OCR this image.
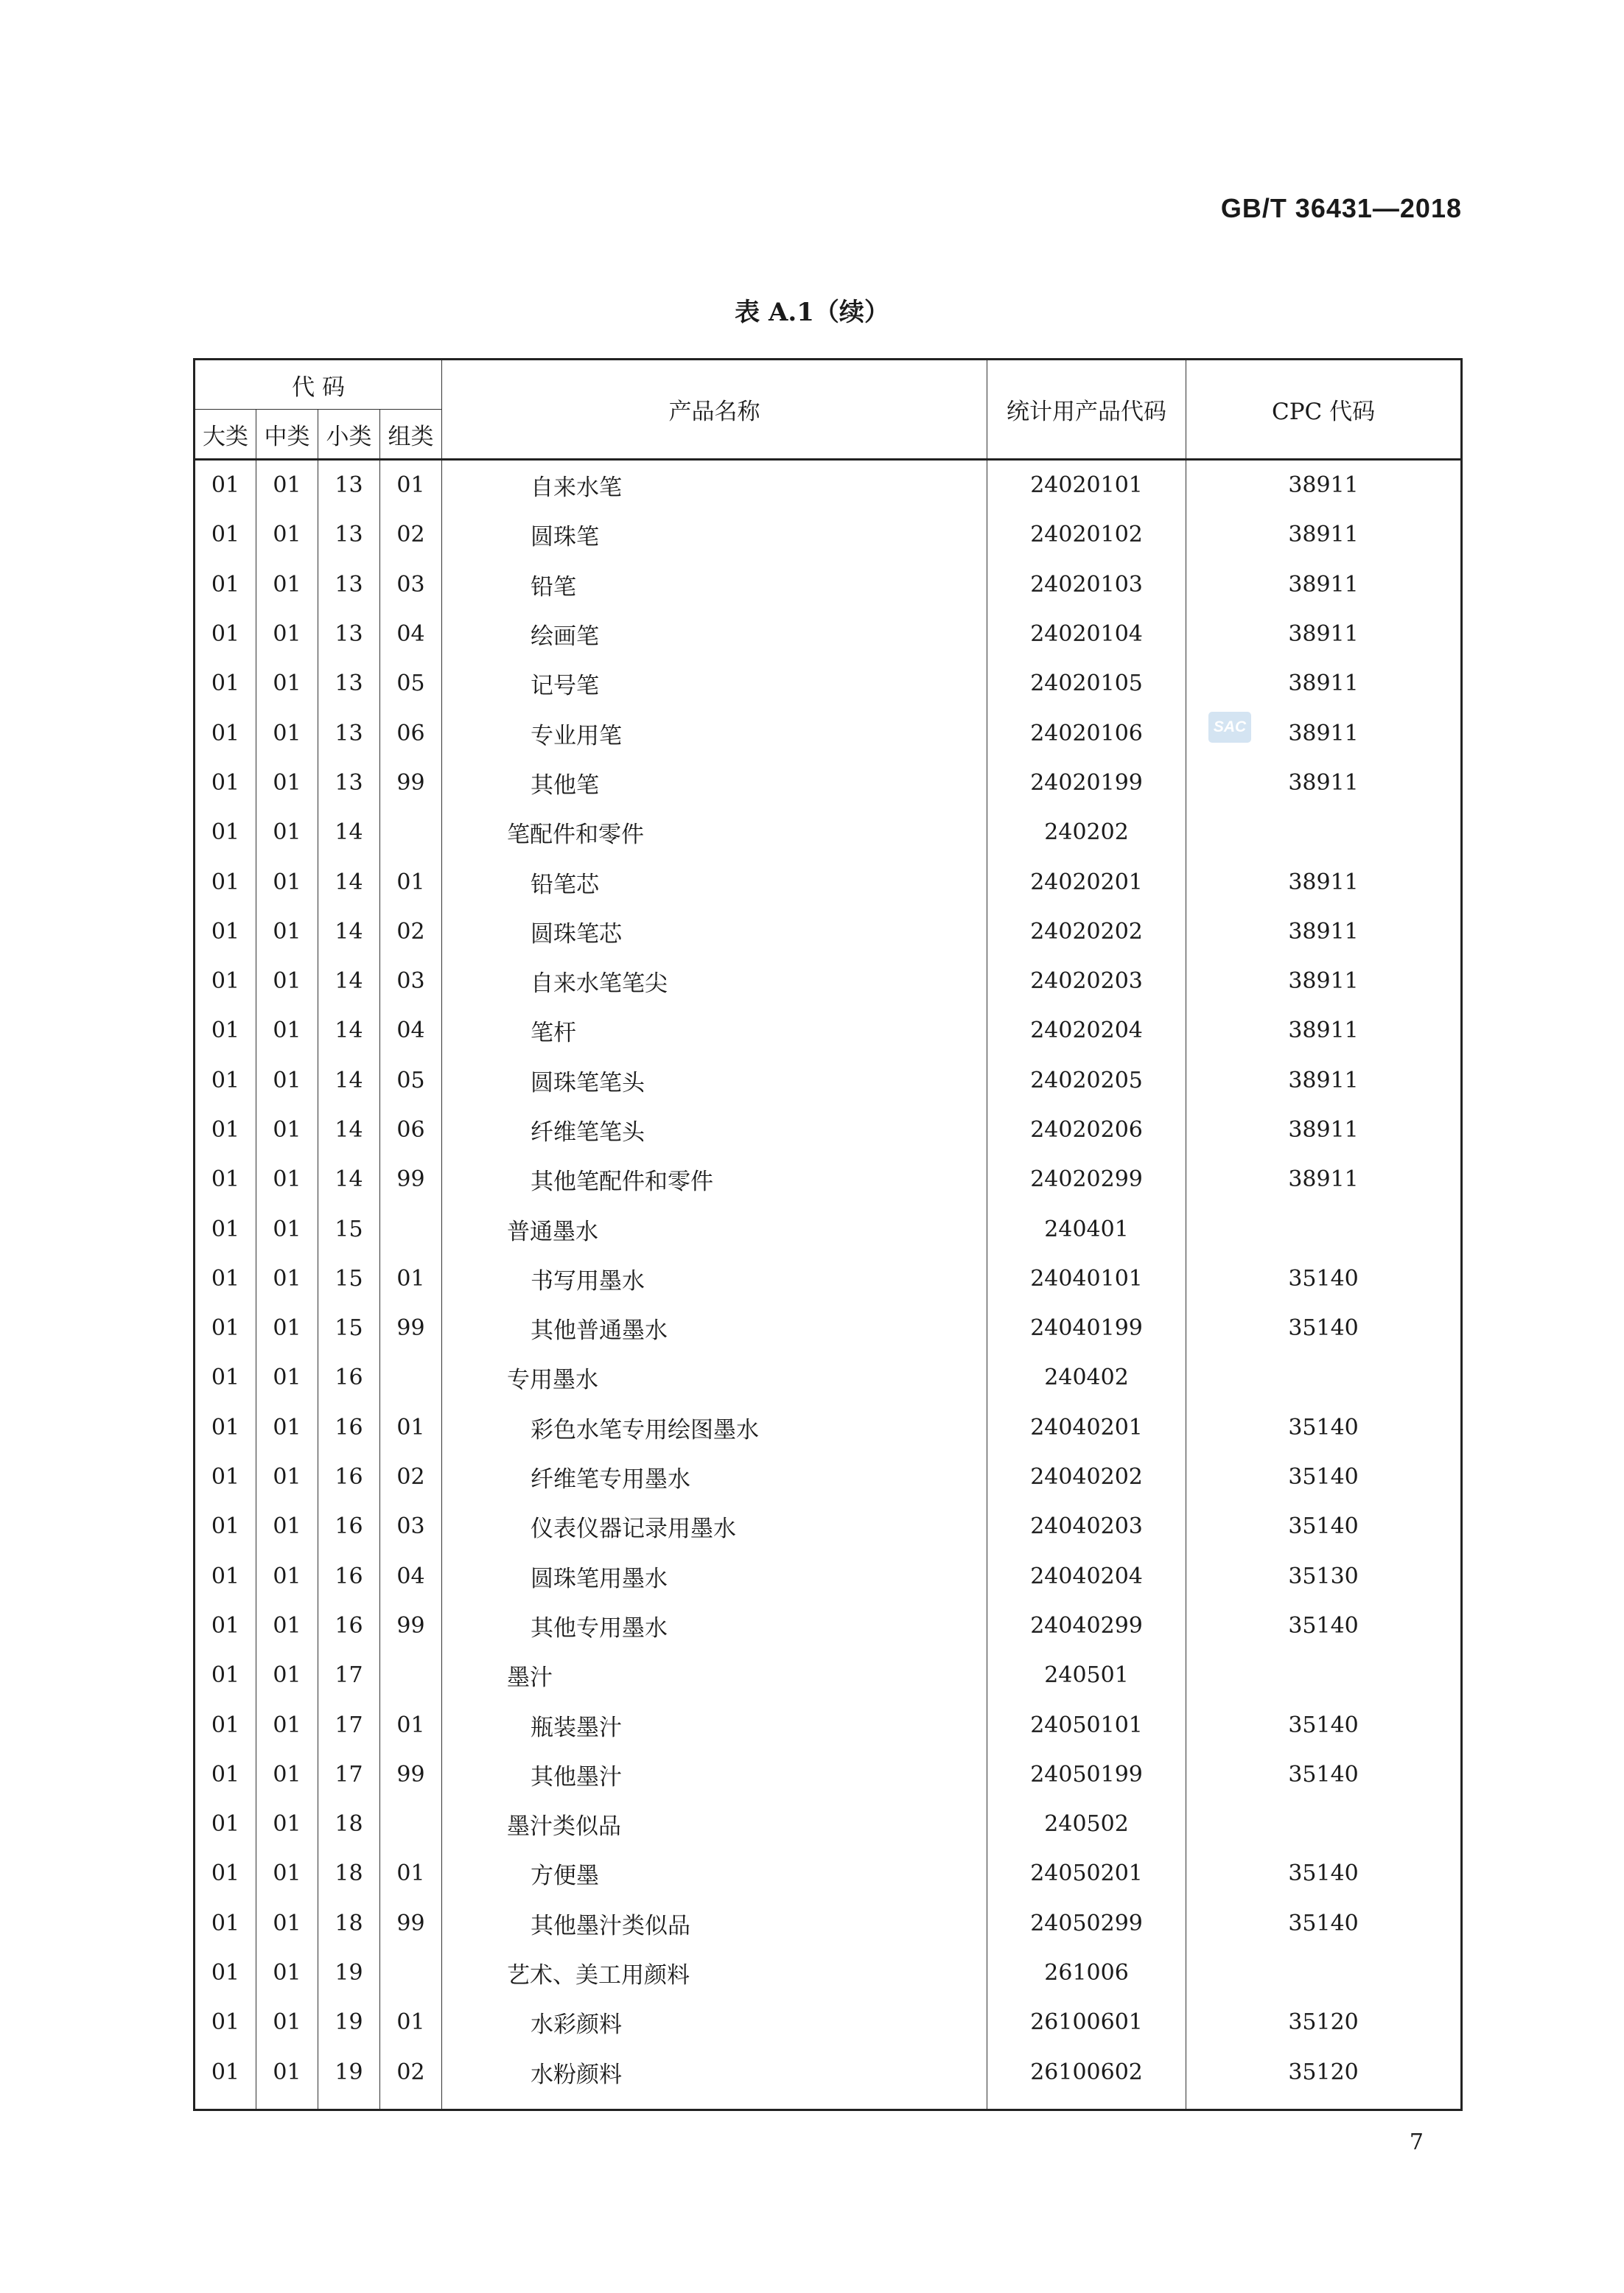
GB/T 36431—2018
表 A.1（续）
代 码				产品名称	统计用产品代码	CPC 代码
大类	中类	小类	组类			
01	01	13	01	自来水笔	24020101	38911
01	01	13	02	圆珠笔	24020102	38911
01	01	13	03	铅笔	24020103	38911
01	01	13	04	绘画笔	24020104	38911
01	01	13	05	记号笔	24020105	38911
01	01	13	06	专业用笔	24020106	38911
01	01	13	99	其他笔	24020199	38911
01	01	14		笔配件和零件	240202	
01	01	14	01	铅笔芯	24020201	38911
01	01	14	02	圆珠笔芯	24020202	38911
01	01	14	03	自来水笔笔尖	24020203	38911
01	01	14	04	笔杆	24020204	38911
01	01	14	05	圆珠笔笔头	24020205	38911
01	01	14	06	纤维笔笔头	24020206	38911
01	01	14	99	其他笔配件和零件	24020299	38911
01	01	15		普通墨水	240401	
01	01	15	01	书写用墨水	24040101	35140
01	01	15	99	其他普通墨水	24040199	35140
01	01	16		专用墨水	240402	
01	01	16	01	彩色水笔专用绘图墨水	24040201	35140
01	01	16	02	纤维笔专用墨水	24040202	35140
01	01	16	03	仪表仪器记录用墨水	24040203	35140
01	01	16	04	圆珠笔用墨水	24040204	35130
01	01	16	99	其他专用墨水	24040299	35140
01	01	17		墨汁	240501	
01	01	17	01	瓶装墨汁	24050101	35140
01	01	17	99	其他墨汁	24050199	35140
01	01	18		墨汁类似品	240502	
01	01	18	01	方便墨	24050201	35140
01	01	18	99	其他墨汁类似品	24050299	35140
01	01	19		艺术、美工用颜料	261006	
01	01	19	01	水彩颜料	26100601	35120
01	01	19	02	水粉颜料	26100602	35120

SAC
7
